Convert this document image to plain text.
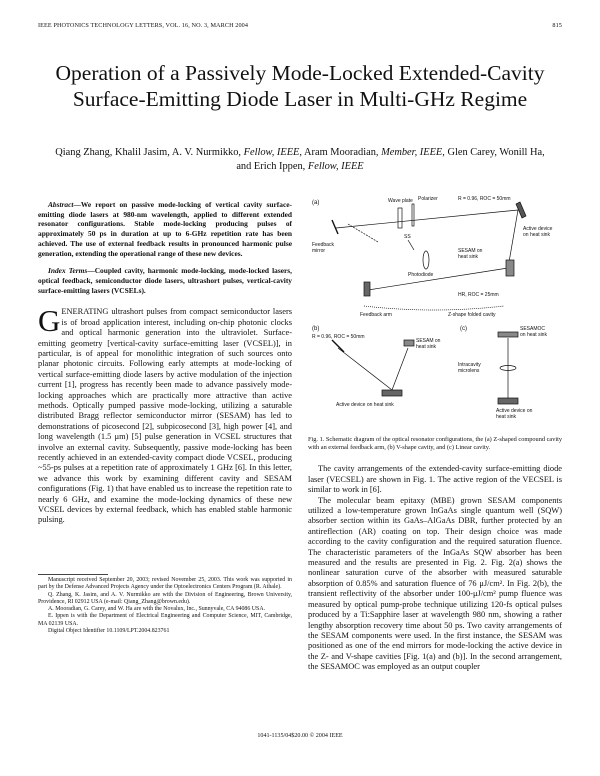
IEEE PHOTONICS TECHNOLOGY LETTERS, VOL. 16, NO. 3, MARCH 2004	815
Operation of a Passively Mode-Locked Extended-Cavity Surface-Emitting Diode Laser in Multi-GHz Regime
Qiang Zhang, Khalil Jasim, A. V. Nurmikko, Fellow, IEEE, Aram Mooradian, Member, IEEE, Glen Carey, Wonill Ha,
and Erich Ippen, Fellow, IEEE
Abstract—We report on passive mode-locking of vertical cavity surface-emitting diode lasers at 980-nm wavelength, applied to different extended resonator configurations. Stable mode-locking producing pulses of approximately 50 ps in duration at up to 6-GHz repetition rate has been achieved. The use of external feedback results in pronounced harmonic pulse generation, extending the operational range of these new devices.
Index Terms—Coupled cavity, harmonic mode-locking, mode-locked lasers, optical feedback, semiconductor diode lasers, ultrashort pulses, vertical-cavity surface-emitting lasers (VCSELs).

GENERATING ultrashort pulses from compact semiconductor lasers is of broad application interest, including on-chip photonic clocks and optical harmonic generation into the ultraviolet. Surface-emitting geometry [vertical-cavity surface-emitting laser (VCSEL)], in particular, is of appeal for monolithic integration of such sources onto planar photonic circuits. Following early attempts at mode-locking of vertical surface-emitting diode lasers by active modulation of the injection current [1], progress has recently been made to advance passively mode-locking approaches which are practically more attractive than active methods. Optically pumped passive mode-locking, utilizing a saturable distributed Bragg reflector semiconductor mirror (SESAM) has led to demonstrations of picosecond [2], subpicosecond [3], high power [4], and long wavelength (1.5 μm) [5] pulse generation in VCSEL structures that involve an external cavity. Subsequently, passive mode-locking has been recently achieved in an extended-cavity compact diode VCSEL, producing ~55-ps pulses at a repetition rate of approximately 1 GHz [6]. In this letter, we advance this work by examining different cavity and SESAM configurations (Fig. 1) that have enabled us to increase the repetition rate to nearly 6 GHz, and examine the mode-locking dynamics of these new VCSEL devices by external feedback, which has enabled stable harmonic pulsing.

Manuscript received September 20, 2003; revised November 25, 2003. This work was supported in part by the Defense Advanced Projects Agency under the Optoelectronics Centers Program (R. Athale).
Q. Zhang, K. Jasim, and A. V. Nurmikko are with the Division of Engineering, Brown University, Providence, RI 02912 USA (e-mail: Qiang_Zhang@brown.edu).
A. Mooradian, G. Carey, and W. Ha are with the Novalux, Inc., Sunnyvale, CA 94086 USA.
E. Ippen is with the Department of Electrical Engineering and Computer Science, MIT, Cambridge, MA 02139 USA.
Digital Object Identifier 10.1109/LPT.2004.823761
(a)
Polarizer
Wave plate	R = 0.96, ROC = 50mm
Active device
on heat sink
SS
Feedback
mirror
Photodiode
SESAM on
heat sink
HR, ROC = 25mm
Feedback arm	Z-shape folded cavity
(b)	(c)
R = 0.96, ROC = 50mm
SESAM on
heat sink
Active device on heat sink
SESAMOC
on heat sink
Intracavity
microlens
Active device on
heat sink
Fig. 1. Schematic diagram of the optical resonator configurations, the (a) Z-shaped compound cavity with an external feedback arm, (b) V-shape cavity, and (c) Linear cavity.

The cavity arrangements of the extended-cavity surface-emitting diode laser (VECSEL) are shown in Fig. 1. The active region of the VECSEL is similar to work in [6].

The molecular beam epitaxy (MBE) grown SESAM components utilized a low-temperature grown InGaAs single quantum well (SQW) absorber section within its GaAs–AlGaAs DBR, further protected by an antireflection (AR) coating on top. Their design choice was made according to the cavity configuration and the required saturation fluence. The characteristic parameters of the InGaAs SQW absorber has been measured and the results are presented in Fig. 2. Fig. 2(a) shows the nonlinear saturation curve of the absorber with measured saturable absorption of 0.85% and saturation fluence of 76 μJ/cm². In Fig. 2(b), the transient reflectivity of the absorber under 100-μJ/cm² pump fluence was measured by optical pump-probe technique utilizing 120-fs optical pulses produced by a Ti:Sapphire laser at wavelength 980 nm, showing a rather lengthy absorption recovery time about 50 ps. Two cavity arrangements of the SESAM components were used. In the first instance, the SESAM was positioned as one of the end mirrors for mode-locking the active device in the Z- and V-shape cavities [Fig. 1(a) and (b)]. In the second arrangement, the SESAMOC was employed as an output coupler

1041-1135/04$20.00 © 2004 IEEE
